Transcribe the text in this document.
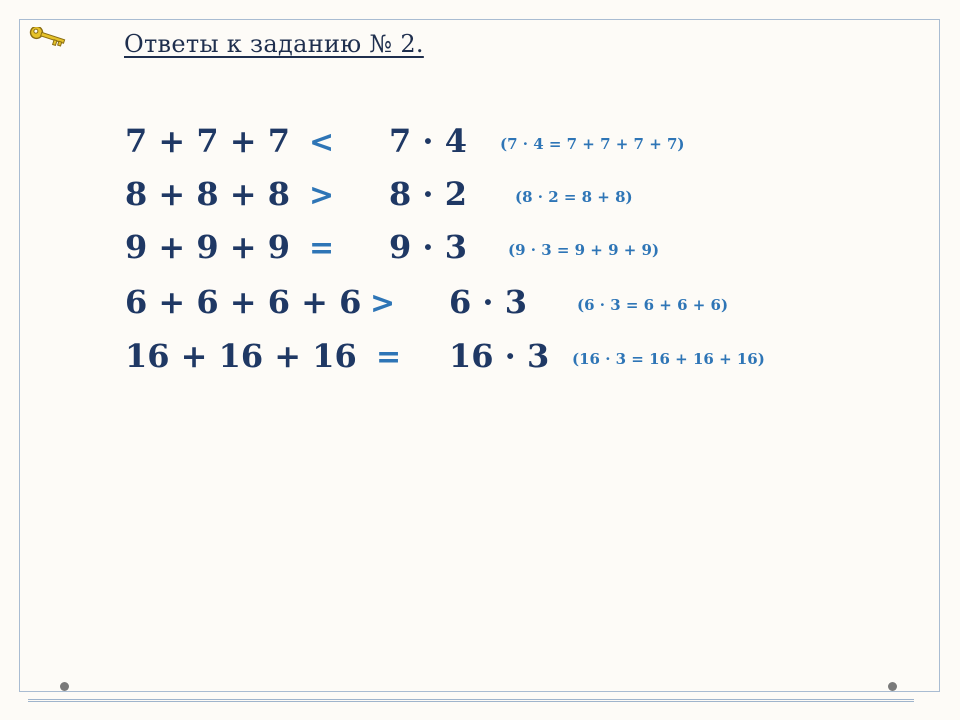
Ответы к заданию № 2.
7 + 7 + 7 < 7 · 4 (7 · 4 = 7 + 7 + 7 + 7)
8 + 8 + 8 > 8 · 2	(8 · 2 = 8 + 8)
9 + 9 + 9 = 9 · 3	(9 · 3 = 9 + 9 + 9)
6 + 6 + 6 + 6 > 6 · 3	(6 · 3 = 6 + 6 + 6)
16 + 16 + 16 = 16 · 3 (16 · 3 = 16 + 16 + 16)
